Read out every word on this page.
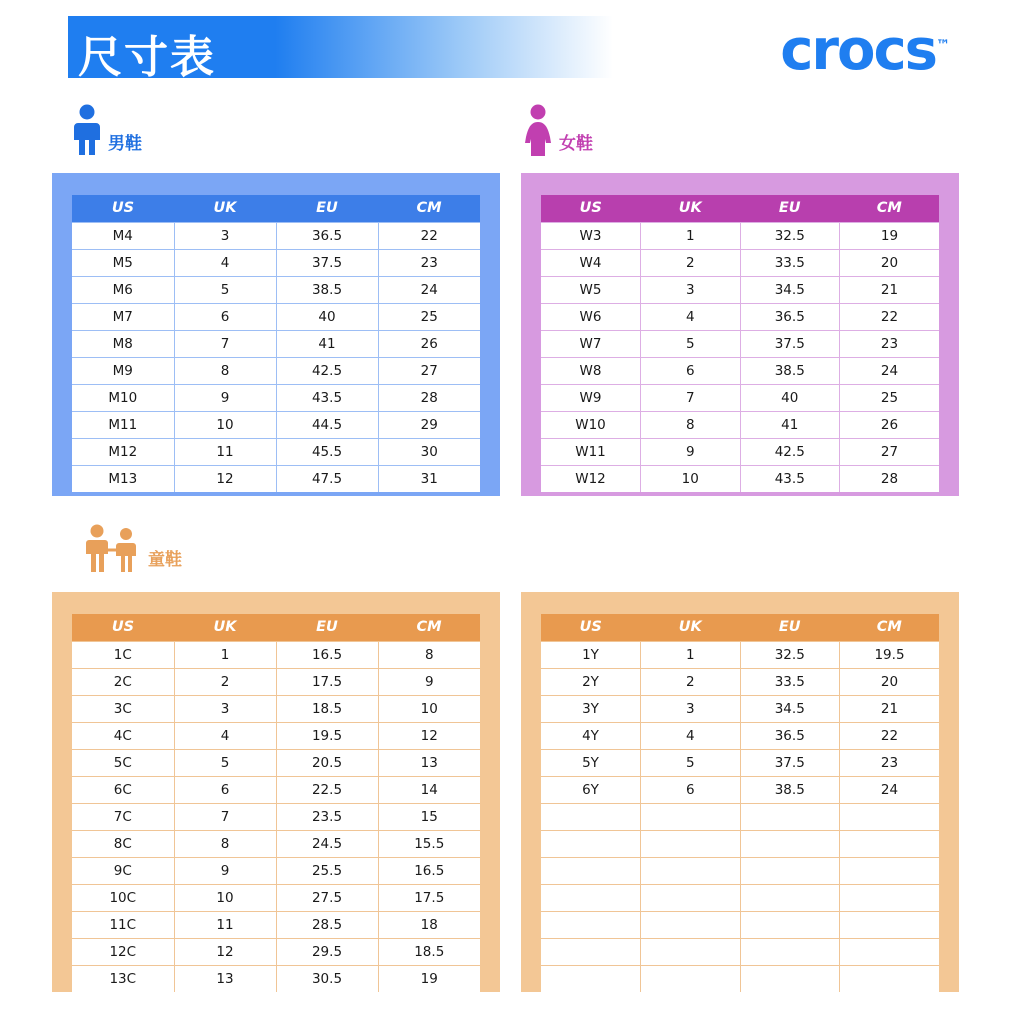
尺寸表	crocs™
男鞋	女鞋
童鞋
US	UK	EU	CM
M4	3	36.5	22
M5	4	37.5	23
M6	5	38.5	24
M7	6	40	25
M8	7	41	26
M9	8	42.5	27
M10	9	43.5	28
M11	10	44.5	29
M12	11	45.5	30
M13	12	47.5	31
US	UK	EU	CM
W3	1	32.5	19
W4	2	33.5	20
W5	3	34.5	21
W6	4	36.5	22
W7	5	37.5	23
W8	6	38.5	24
W9	7	40	25
W10	8	41	26
W11	9	42.5	27
W12	10	43.5	28
US	UK	EU	CM
1C	1	16.5	8
2C	2	17.5	9
3C	3	18.5	10
4C	4	19.5	12
5C	5	20.5	13
6C	6	22.5	14
7C	7	23.5	15
8C	8	24.5	15.5
9C	9	25.5	16.5
10C	10	27.5	17.5
11C	11	28.5	18
12C	12	29.5	18.5
13C	13	30.5	19
US	UK	EU	CM
1Y	1	32.5	19.5
2Y	2	33.5	20
3Y	3	34.5	21
4Y	4	36.5	22
5Y	5	37.5	23
6Y	6	38.5	24
